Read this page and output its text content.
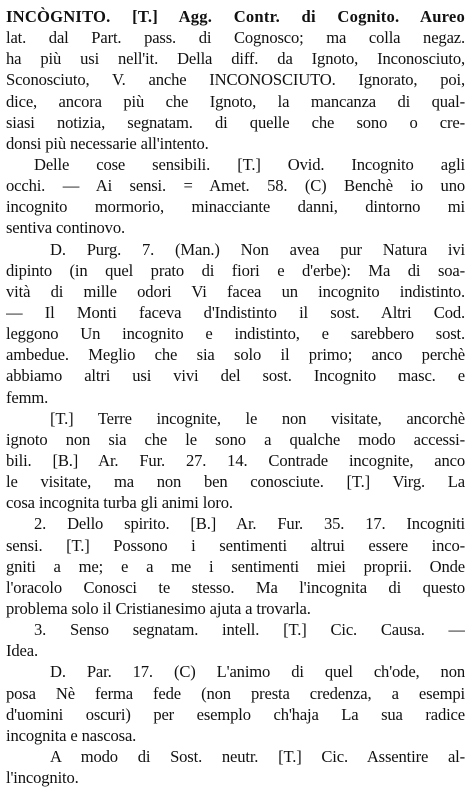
INCÒGNITO. [T.] Agg. Contr. di Cognito. Aureo
lat. dal Part. pass. di Cognosco; ma colla negaz.
ha più usi nell'it. Della diff. da Ignoto, Inconosciuto,
Sconosciuto, V. anche INCONOSCIUTO. Ignorato, poi,
dice, ancora più che Ignoto, la mancanza di qual-
siasi notizia, segnatam. di quelle che sono o cre-
donsi più necessarie all'intento.
Delle cose sensibili. [T.] Ovid. Incognito agli
occhi. — Ai sensi. = Amet. 58. (C) Benchè io uno
incognito mormorio, minacciante danni, dintorno mi
sentiva continovo.
D. Purg. 7. (Man.) Non avea pur Natura ivi
dipinto (in quel prato di fiori e d'erbe): Ma di soa-
vità di mille odori Vi facea un incognito indistinto.
— Il Monti faceva d'Indistinto il sost. Altri Cod.
leggono Un incognito e indistinto, e sarebbero sost.
ambedue. Meglio che sia solo il primo; anco perchè
abbiamo altri usi vivi del sost. Incognito masc. e
femm.
[T.] Terre incognite, le non visitate, ancorchè
ignoto non sia che le sono a qualche modo accessi-
bili. [B.] Ar. Fur. 27. 14. Contrade incognite, anco
le visitate, ma non ben conosciute. [T.] Virg. La
cosa incognita turba gli animi loro.
2. Dello spirito. [B.] Ar. Fur. 35. 17. Incogniti
sensi. [T.] Possono i sentimenti altrui essere inco-
gniti a me; e a me i sentimenti miei proprii. Onde
l'oracolo Conosci te stesso. Ma l'incognita di questo
problema solo il Cristianesimo ajuta a trovarla.
3. Senso segnatam. intell. [T.] Cic. Causa. —
Idea.
D. Par. 17. (C) L'animo di quel ch'ode, non
posa Nè ferma fede (non presta credenza, a esempi
d'uomini oscuri) per esemplo ch'haja La sua radice
incognita e nascosa.
A modo di Sost. neutr. [T.] Cic. Assentire al-
l'incognito.
